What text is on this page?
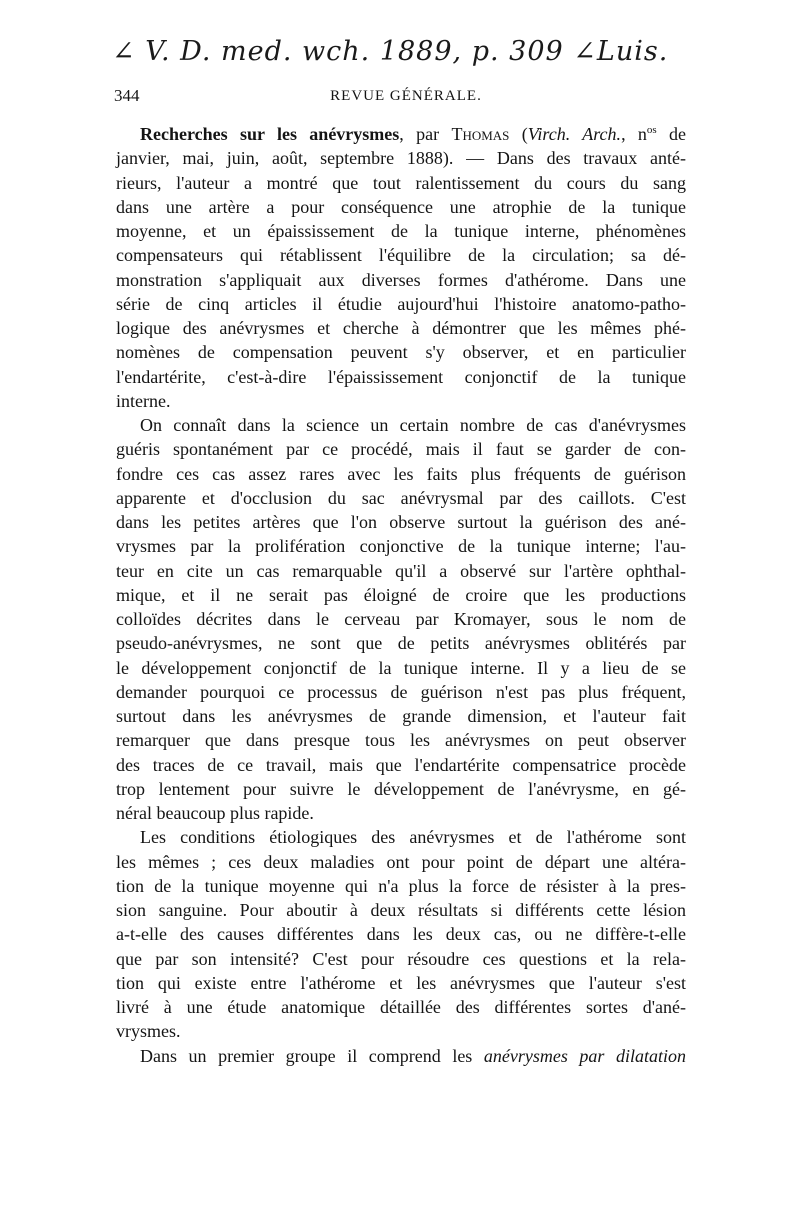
∠ V. D. med. wch. 1889, p. 309 ∠Luis.
344	REVUE GÉNÉRALE.
Recherches sur les anévrysmes, par Thomas (Virch. Arch., $n^{os}$ de
janvier, mai, juin, août, septembre 1888). — Dans des travaux anté-
rieurs, l'auteur a montré que tout ralentissement du cours du sang
dans une artère a pour conséquence une atrophie de la tunique
moyenne, et un épaississement de la tunique interne, phénomènes
compensateurs qui rétablissent l'équilibre de la circulation; sa dé-
monstration s'appliquait aux diverses formes d'athérome. Dans une
série de cinq articles il étudie aujourd'hui l'histoire anatomo-patho-
logique des anévrysmes et cherche à démontrer que les mêmes phé-
nomènes de compensation peuvent s'y observer, et en particulier
l'endartérite, c'est-à-dire l'épaississement conjonctif de la tunique
interne.
On connaît dans la science un certain nombre de cas d'anévrysmes
guéris spontanément par ce procédé, mais il faut se garder de con-
fondre ces cas assez rares avec les faits plus fréquents de guérison
apparente et d'occlusion du sac anévrysmal par des caillots. C'est
dans les petites artères que l'on observe surtout la guérison des ané-
vrysmes par la prolifération conjonctive de la tunique interne; l'au-
teur en cite un cas remarquable qu'il a observé sur l'artère ophthal-
mique, et il ne serait pas éloigné de croire que les productions
colloïdes décrites dans le cerveau par Kromayer, sous le nom de
pseudo-anévrysmes, ne sont que de petits anévrysmes oblitérés par
le développement conjonctif de la tunique interne. Il y a lieu de se
demander pourquoi ce processus de guérison n'est pas plus fréquent,
surtout dans les anévrysmes de grande dimension, et l'auteur fait
remarquer que dans presque tous les anévrysmes on peut observer
des traces de ce travail, mais que l'endartérite compensatrice procède
trop lentement pour suivre le développement de l'anévrysme, en gé-
néral beaucoup plus rapide.
Les conditions étiologiques des anévrysmes et de l'athérome sont
les mêmes ; ces deux maladies ont pour point de départ une altéra-
tion de la tunique moyenne qui n'a plus la force de résister à la pres-
sion sanguine. Pour aboutir à deux résultats si différents cette lésion
a-t-elle des causes différentes dans les deux cas, ou ne diffère-t-elle
que par son intensité? C'est pour résoudre ces questions et la rela-
tion qui existe entre l'athérome et les anévrysmes que l'auteur s'est
livré à une étude anatomique détaillée des différentes sortes d'ané-
vrysmes.
Dans un premier groupe il comprend les anévrysmes par dilatation
